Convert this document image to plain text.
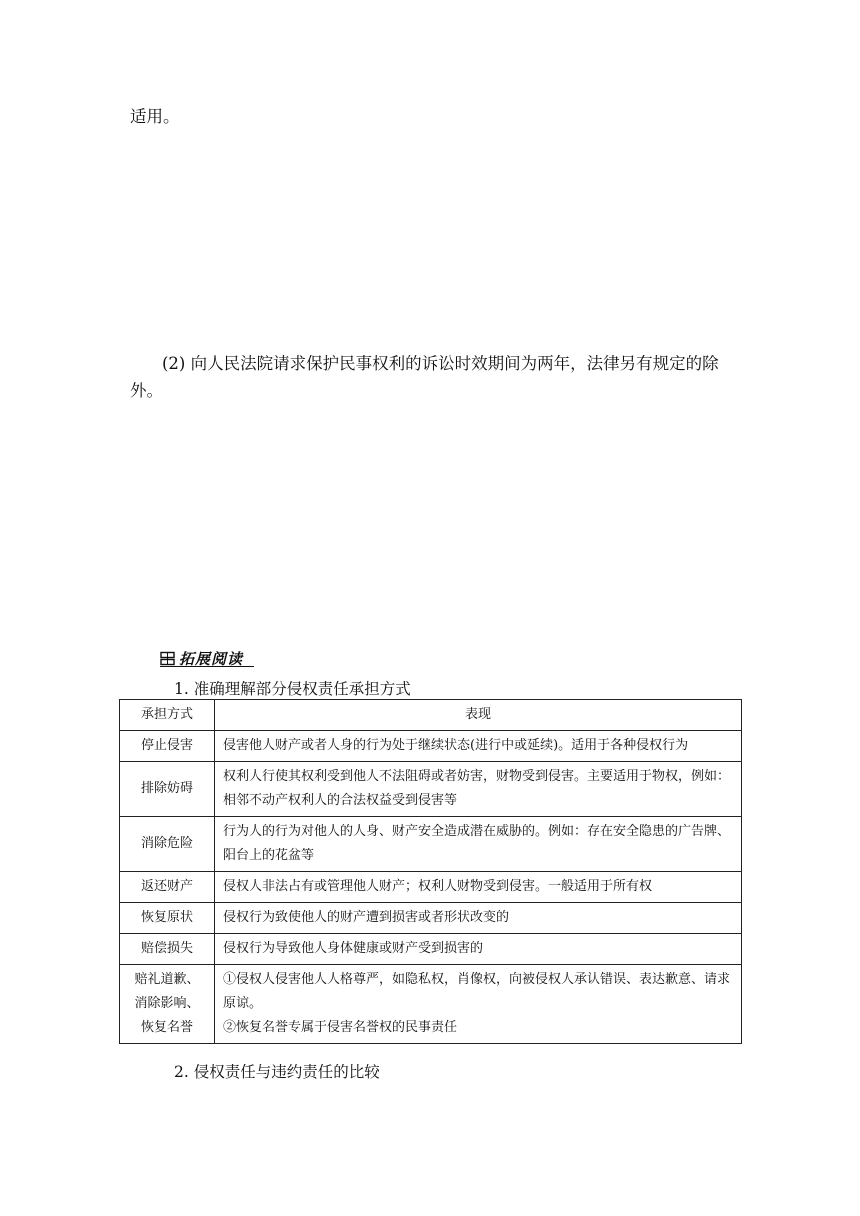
适用。

(2) 向人民法院请求保护民事权利的诉讼时效期间为两年，法律另有规定的除外。

拓展阅读
1. 准确理解部分侵权责任承担方式
承担方式	表现
停止侵害	侵害他人财产或者人身的行为处于继续状态(进行中或延续)。适用于各种侵权行为
排除妨碍	权利人行使其权利受到他人不法阻碍或者妨害，财物受到侵害。主要适用于物权，例如：相邻不动产权利人的合法权益受到侵害等
消除危险	行为人的行为对他人的人身、财产安全造成潜在威胁的。例如：存在安全隐患的广告牌、阳台上的花盆等
返还财产	侵权人非法占有或管理他人财产；权利人财物受到侵害。一般适用于所有权
恢复原状	侵权行为致使他人的财产遭到损害或者形状改变的
赔偿损失	侵权行为导致他人身体健康或财产受到损害的

赔礼道歉、
消除影响、
恢复名誉	①侵权人侵害他人人格尊严，如隐私权，肖像权，向被侵权人承认错误、表达歉意、请求原谅。
②恢复名誉专属于侵害名誉权的民事责任
2. 侵权责任与违约责任的比较
